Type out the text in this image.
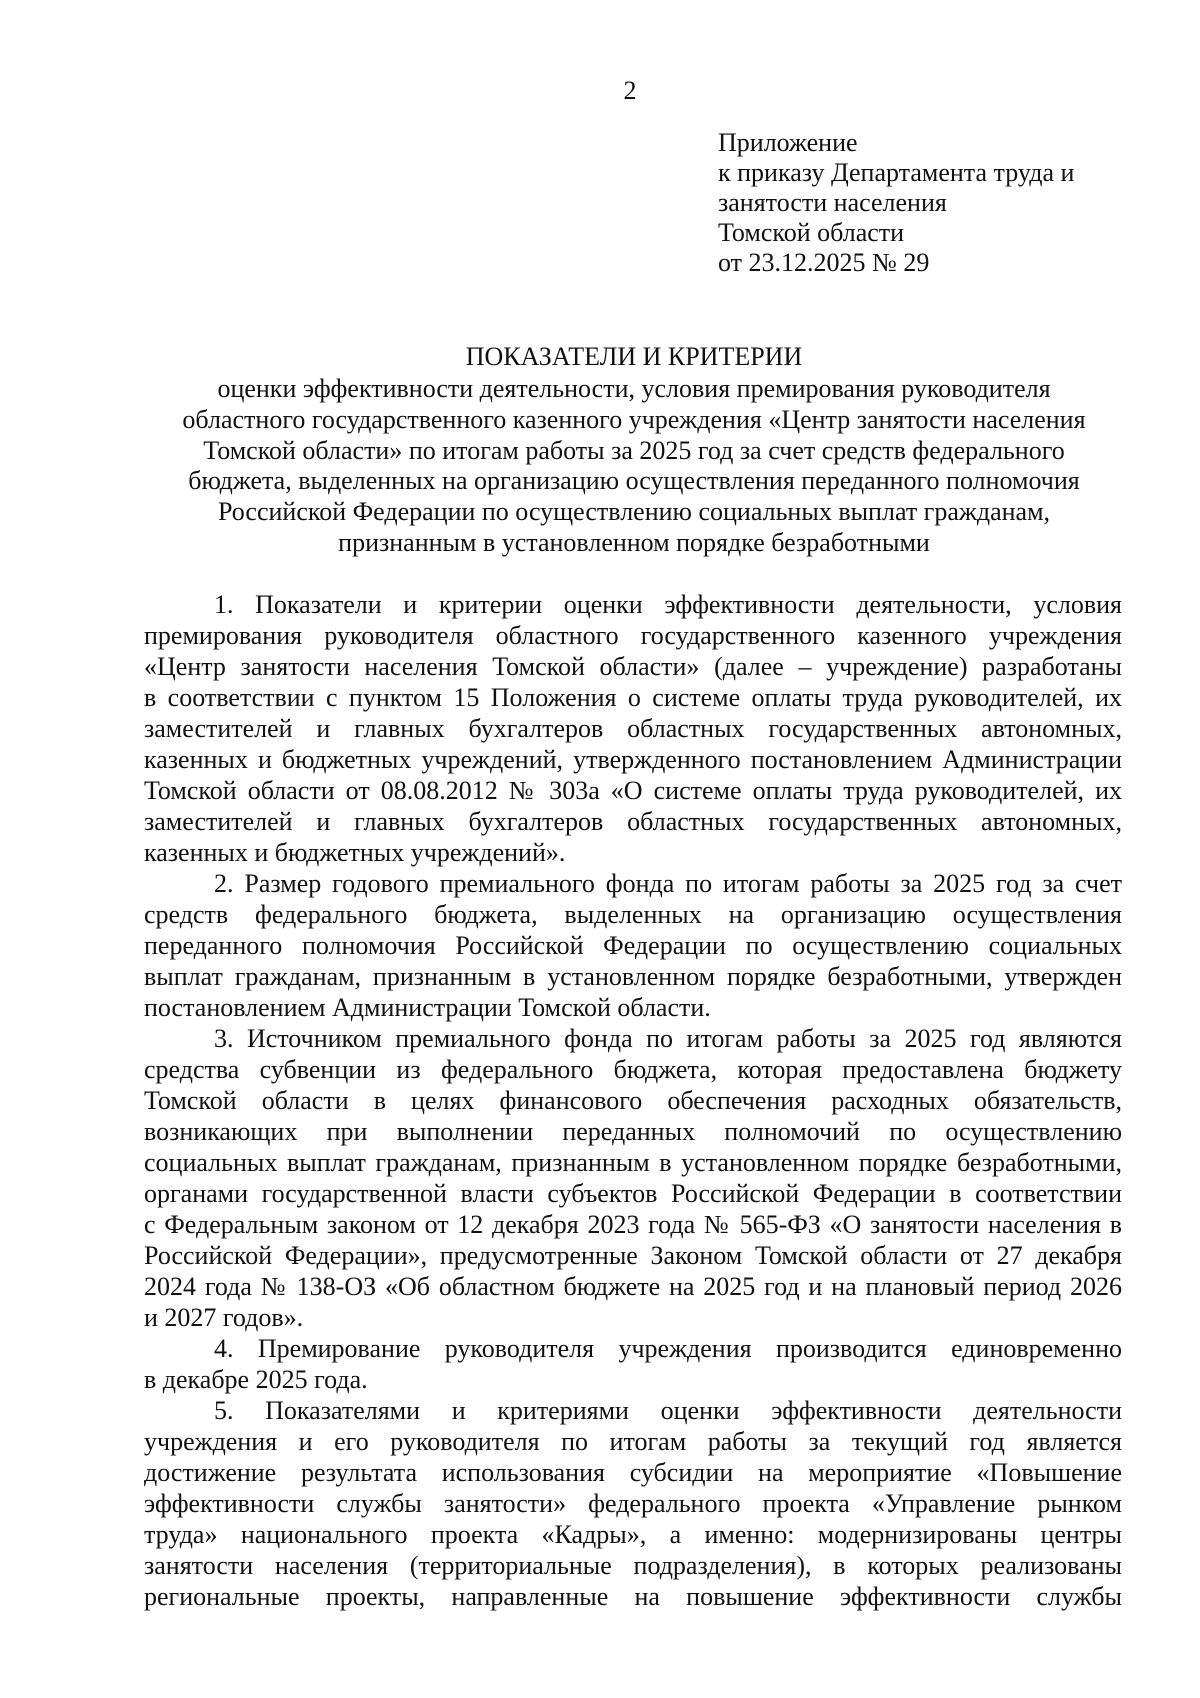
2
Приложение
к приказу Департамента труда и
занятости населения
Томской области
от 23.12.2025 № 29
ПОКАЗАТЕЛИ И КРИТЕРИИ
оценки эффективности деятельности, условия премирования руководителя
областного государственного казенного учреждения «Центр занятости населения
Томской области» по итогам работы за 2025 год за счет средств федерального
бюджета, выделенных на организацию осуществления переданного полномочия
Российской Федерации по осуществлению социальных выплат гражданам,
признанным в установленном порядке безработными
1. Показатели и критерии оценки эффективности деятельности, условия
премирования руководителя областного государственного казенного учреждения
«Центр занятости населения Томской области» (далее – учреждение) разработаны
в соответствии с пунктом 15 Положения о системе оплаты труда руководителей, их
заместителей и главных бухгалтеров областных государственных автономных,
казенных и бюджетных учреждений, утвержденного постановлением Администрации
Томской области от 08.08.2012 № 303а «О системе оплаты труда руководителей, их
заместителей и главных бухгалтеров областных государственных автономных,
казенных и бюджетных учреждений».
2. Размер годового премиального фонда по итогам работы за 2025 год за счет
средств федерального бюджета, выделенных на организацию осуществления
переданного полномочия Российской Федерации по осуществлению социальных
выплат гражданам, признанным в установленном порядке безработными, утвержден
постановлением Администрации Томской области.
3. Источником премиального фонда по итогам работы за 2025 год являются
средства субвенции из федерального бюджета, которая предоставлена бюджету
Томской области в целях финансового обеспечения расходных обязательств,
возникающих при выполнении переданных полномочий по осуществлению
социальных выплат гражданам, признанным в установленном порядке безработными,
органами государственной власти субъектов Российской Федерации в соответствии
с Федеральным законом от 12 декабря 2023 года № 565-ФЗ «О занятости населения в
Российской Федерации», предусмотренные Законом Томской области от 27 декабря
2024 года № 138-ОЗ «Об областном бюджете на 2025 год и на плановый период 2026
и 2027 годов».
4. Премирование руководителя учреждения производится единовременно
в декабре 2025 года.
5. Показателями и критериями оценки эффективности деятельности
учреждения и его руководителя по итогам работы за текущий год является
достижение результата использования субсидии на мероприятие «Повышение
эффективности службы занятости» федерального проекта «Управление рынком
труда» национального проекта «Кадры», а именно: модернизированы центры
занятости населения (территориальные подразделения), в которых реализованы
региональные проекты, направленные на повышение эффективности службы
